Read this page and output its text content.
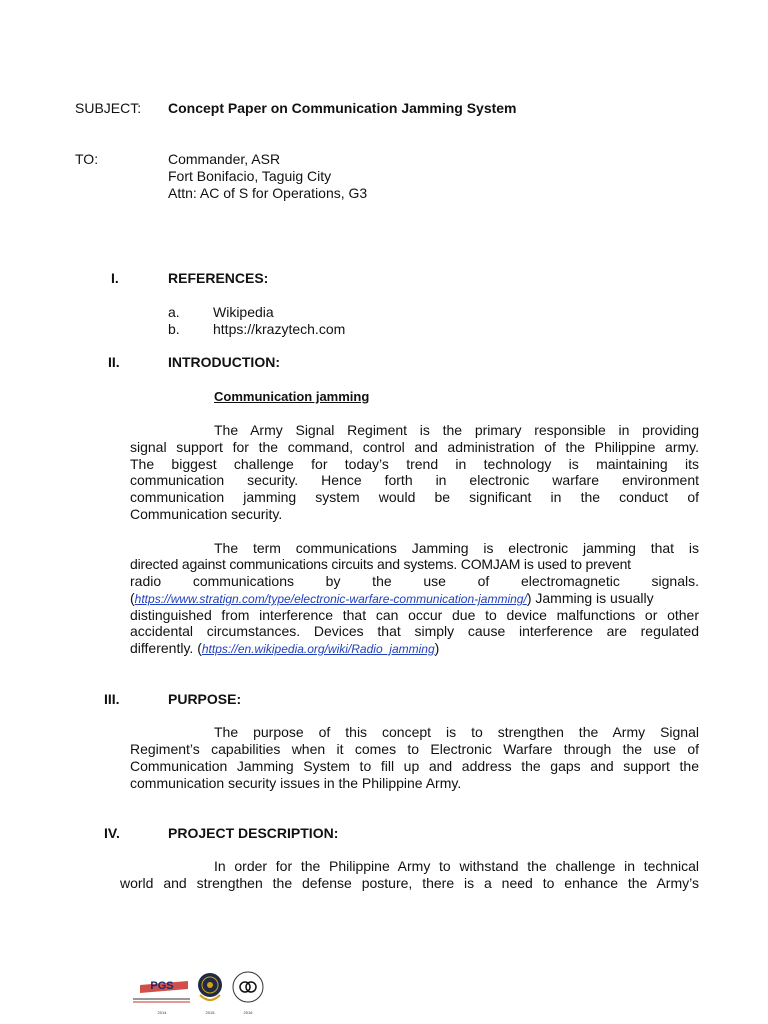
SUBJECT: Concept Paper on Communication Jamming System
TO:	Commander, ASR
Fort Bonifacio, Taguig City
Attn: AC of S for Operations, G3
I.	REFERENCES:
a. Wikipedia
b. https://krazytech.com
II.	INTRODUCTION:
Communication jamming
The Army Signal Regiment is the primary responsible in providing
signal support for the command, control and administration of the Philippine army.
The biggest challenge for today’s trend in technology is maintaining its
communication security. Hence forth in electronic warfare environment
communication jamming system would be significant in the conduct of
Communication security.
The term communications Jamming is electronic jamming that is
directed against communications circuits and systems. COMJAM is used to prevent
radio communications by the use of electromagnetic signals.
(https://www.stratign.com/type/electronic-warfare-communication-jamming/) Jamming is usually
distinguished from interference that can occur due to device malfunctions or other
accidental circumstances. Devices that simply cause interference are regulated
differently. (https://en.wikipedia.org/wiki/Radio_jamming)
III.	PURPOSE:
The purpose of this concept is to strengthen the Army Signal
Regiment’s capabilities when it comes to Electronic Warfare through the use of
Communication Jamming System to fill up and address the gaps and support the
communication security issues in the Philippine Army.
IV.	PROJECT DESCRIPTION:
In order for the Philippine Army to withstand the challenge in technical
world and strengthen the defense posture, there is a need to enhance the Army’s
PGS
2014	2015	2016
